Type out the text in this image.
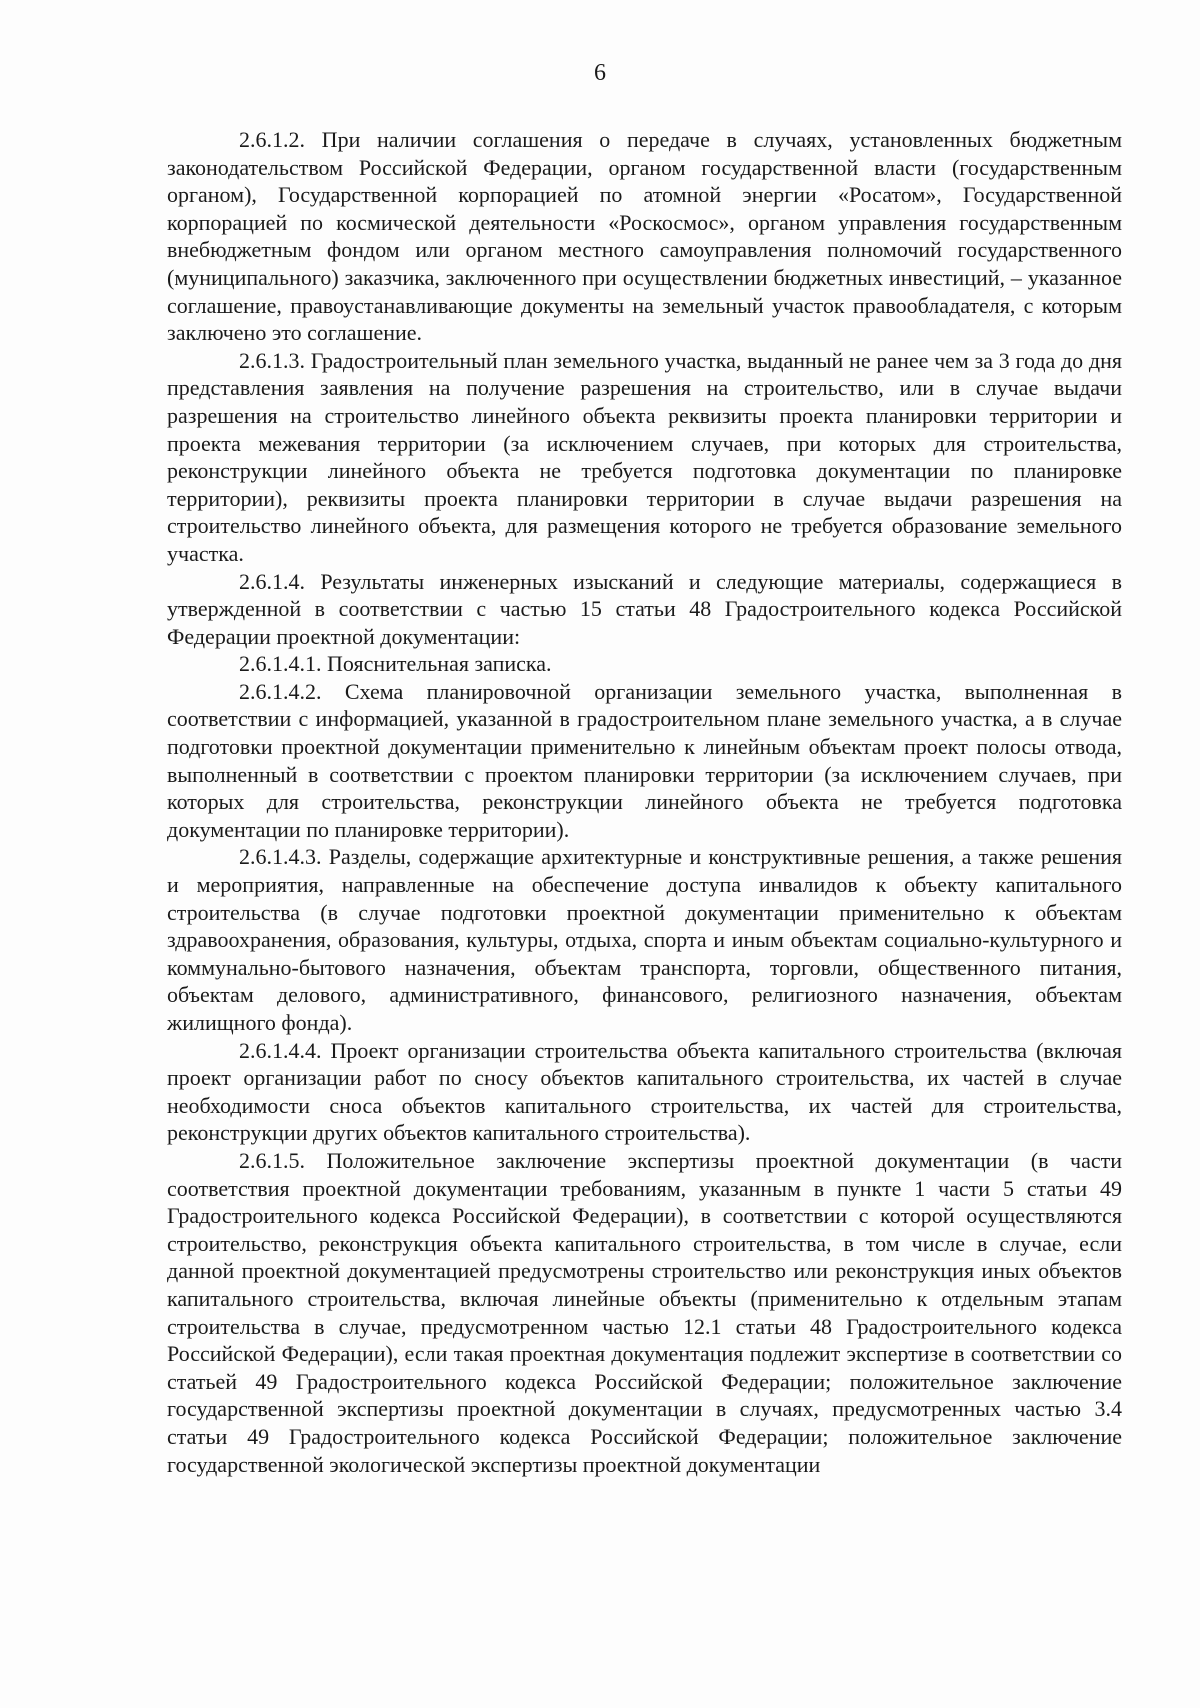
6

2.6.1.2. При наличии соглашения о передаче в случаях, установленных бюджетным законодательством Российской Федерации, органом государственной власти (государственным органом), Государственной корпорацией по атомной энергии «Росатом», Государственной корпорацией по космической деятельности «Роскосмос», органом управления государственным внебюджетным фондом или органом местного самоуправления полномочий государственного (муниципального) заказчика, заключенного при осуществлении бюджетных инвестиций, – указанное соглашение, правоустанавливающие документы на земельный участок правообладателя, с которым заключено это соглашение.

2.6.1.3. Градостроительный план земельного участка, выданный не ранее чем за 3 года до дня представления заявления на получение разрешения на строительство, или в случае выдачи разрешения на строительство линейного объекта реквизиты проекта планировки территории и проекта межевания территории (за исключением случаев, при которых для строительства, реконструкции линейного объекта не требуется подготовка документации по планировке территории), реквизиты проекта планировки территории в случае выдачи разрешения на строительство линейного объекта, для размещения которого не требуется образование земельного участка.

2.6.1.4. Результаты инженерных изысканий и следующие материалы, содержащиеся в утвержденной в соответствии с частью 15 статьи 48 Градостроительного кодекса Российской Федерации проектной документации:

2.6.1.4.1. Пояснительная записка.

2.6.1.4.2. Схема планировочной организации земельного участка, выполненная в соответствии с информацией, указанной в градостроительном плане земельного участка, а в случае подготовки проектной документации применительно к линейным объектам проект полосы отвода, выполненный в соответствии с проектом планировки территории (за исключением случаев, при которых для строительства, реконструкции линейного объекта не требуется подготовка документации по планировке территории).

2.6.1.4.3. Разделы, содержащие архитектурные и конструктивные решения, а также решения и мероприятия, направленные на обеспечение доступа инвалидов к объекту капитального строительства (в случае подготовки проектной документации применительно к объектам здравоохранения, образования, культуры, отдыха, спорта и иным объектам социально-культурного и коммунально-бытового назначения, объектам транспорта, торговли, общественного питания, объектам делового, административного, финансового, религиозного назначения, объектам жилищного фонда).

2.6.1.4.4. Проект организации строительства объекта капитального строительства (включая проект организации работ по сносу объектов капитального строительства, их частей в случае необходимости сноса объектов капитального строительства, их частей для строительства, реконструкции других объектов капитального строительства).

2.6.1.5. Положительное заключение экспертизы проектной документации (в части соответствия проектной документации требованиям, указанным в пункте 1 части 5 статьи 49 Градостроительного кодекса Российской Федерации), в соответствии с которой осуществляются строительство, реконструкция объекта капитального строительства, в том числе в случае, если данной проектной документацией предусмотрены строительство или реконструкция иных объектов капитального строительства, включая линейные объекты (применительно к отдельным этапам строительства в случае, предусмотренном частью 12.1 статьи 48 Градостроительного кодекса Российской Федерации), если такая проектная документация подлежит экспертизе в соответствии со статьей 49 Градостроительного кодекса Российской Федерации; положительное заключение государственной экспертизы проектной документации в случаях, предусмотренных частью 3.4 статьи 49 Градостроительного кодекса Российской Федерации; положительное заключение государственной экологической экспертизы проектной документации
